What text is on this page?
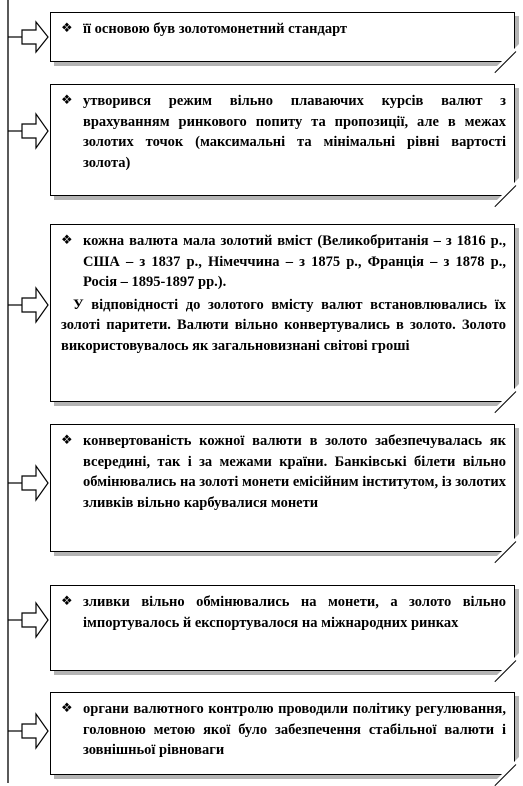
❖ її основою був золотомонетний стандарт
❖ утворився режим вільно плаваючих курсів валют з врахуванням ринкового попиту та пропозиції, але в межах золотих точок (максимальні та мінімальні рівні вартості золота)
❖ кожна валюта мала золотий вміст (Великобританія – з 1816 р., США – з 1837 р., Німеччина – з 1875 р., Франція – з 1878 р., Росія – 1895-1897 рр.).
У відповідності до золотого вмісту валют встановлювались їх золоті паритети. Валюти вільно конвертувались в золото. Золото використовувалось як загальновизнані світові гроші
❖ конвертованість кожної валюти в золото забезпечувалась як всередині, так і за межами країни. Банківські білети вільно обмінювались на золоті монети емісійним інститутом, із золотих зливків вільно карбувалися монети
❖ зливки вільно обмінювались на монети, а золото вільно імпортувалось й експортувалося на міжнародних ринках
❖ органи валютного контролю проводили політику регулювання, головною метою якої було забезпечення стабільної валюти і зовнішньої рівноваги
